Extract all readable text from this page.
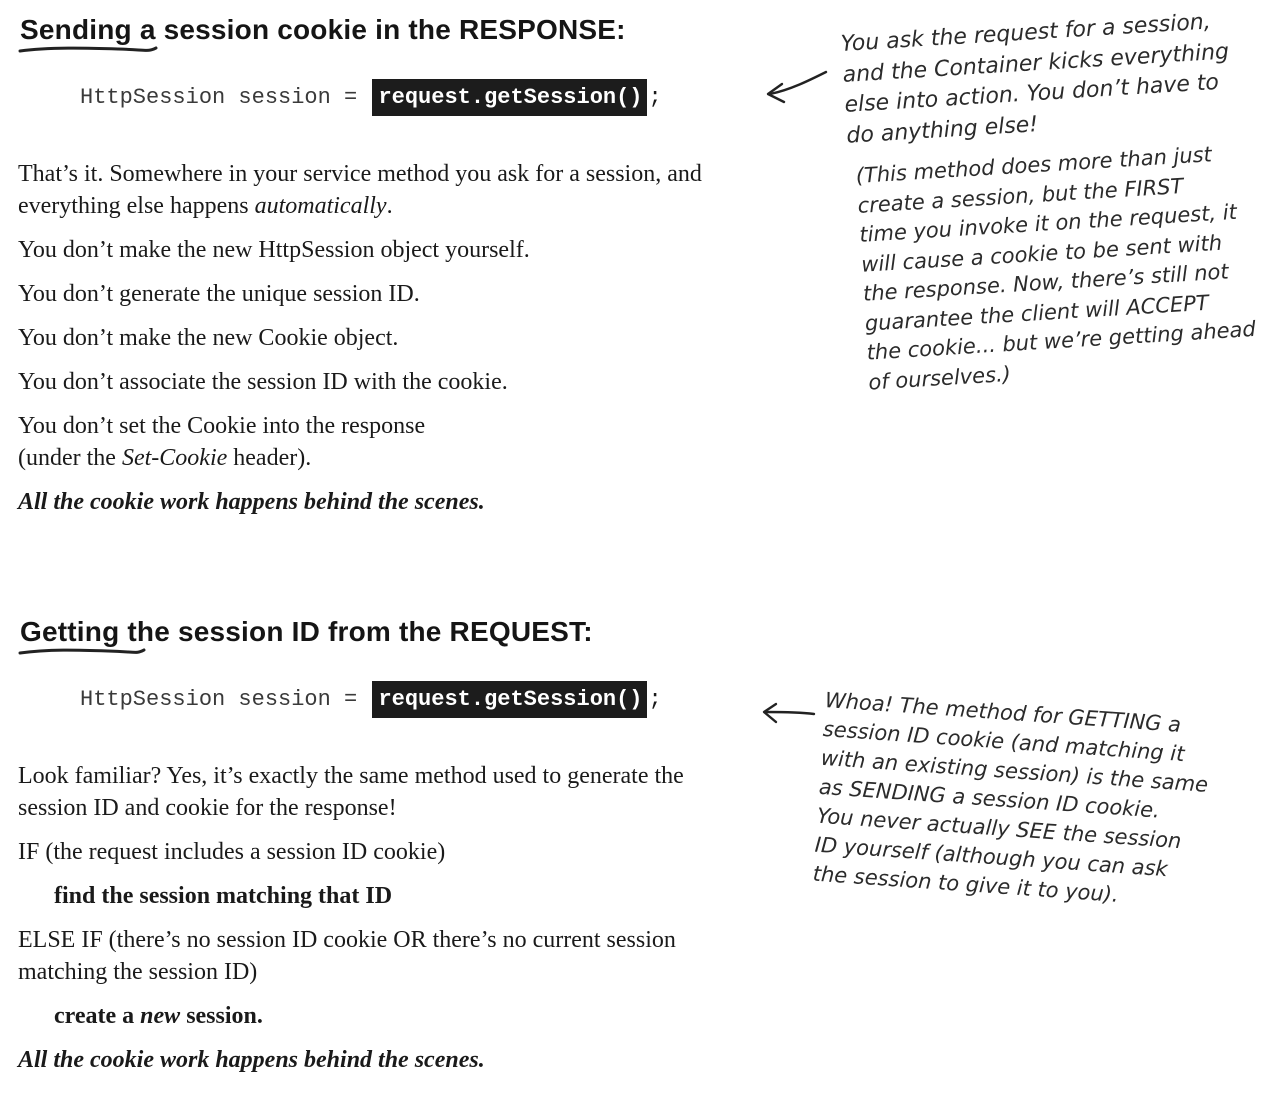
Sending a session cookie in the RESPONSE:
HttpSession session = request.getSession() ;

That’s it. Somewhere in your service method you ask for a session, and everything else happens automatically.

You don’t make the new HttpSession object yourself.

You don’t generate the unique session ID.

You don’t make the new Cookie object.

You don’t associate the session ID with the cookie.

You don’t set the Cookie into the response
(under the Set-Cookie header).

All the cookie work happens behind the scenes.

You ask the request for a session,
and the Container kicks everything
else into action. You don’t have to
do anything else!

(This method does more than just
create a session, but the FIRST
time you invoke it on the request, it
will cause a cookie to be sent with
the response. Now, there’s still not
guarantee the client will ACCEPT
the cookie... but we’re getting ahead
of ourselves.)

Getting the session ID from the REQUEST:
HttpSession session = request.getSession() ;

Look familiar? Yes, it’s exactly the same method used to generate the session ID and cookie for the response!

IF (the request includes a session ID cookie)

find the session matching that ID

ELSE IF (there’s no session ID cookie OR there’s no current session matching the session ID)

create a new session.

All the cookie work happens behind the scenes.

Whoa! The method for GETTING a
session ID cookie (and matching it
with an existing session) is the same
as SENDING a session ID cookie.
You never actually SEE the session
ID yourself (although you can ask
the session to give it to you).
